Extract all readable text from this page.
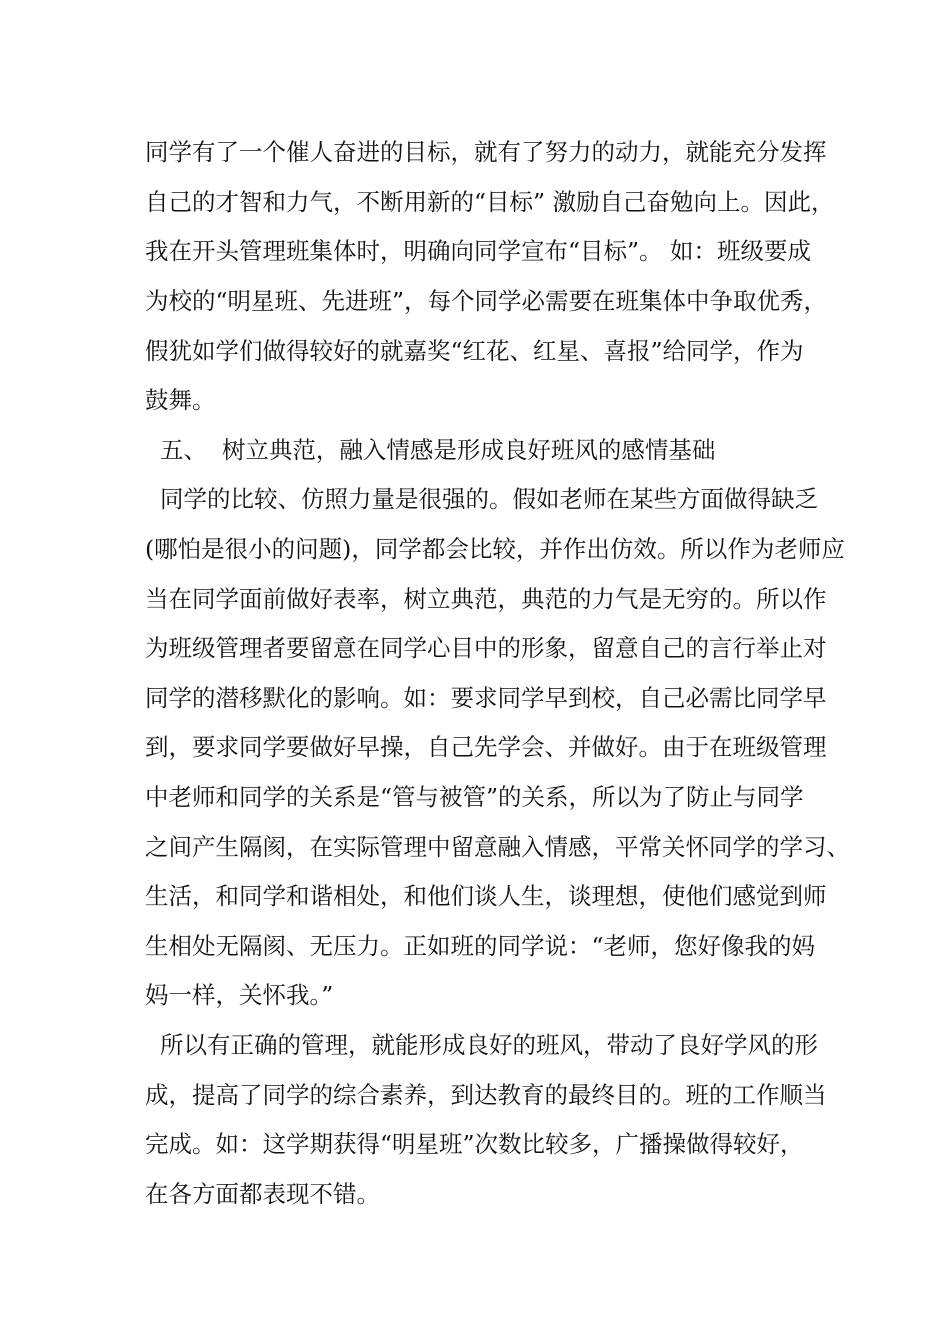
同学有了一个催人奋进的目标，就有了努力的动力，就能充分发挥
自己的才智和力气，不断用新的“目标” 激励自己奋勉向上。因此，
我在开头管理班集体时，明确向同学宣布“目标”。 如：班级要成
为校的“明星班、先进班”，每个同学必需要在班集体中争取优秀，
假犹如学们做得较好的就嘉奖“红花、红星、喜报”给同学，作为
鼓舞。
五、  树立典范，融入情感是形成良好班风的感情基础
同学的比较、仿照力量是很强的。假如老师在某些方面做得缺乏
(哪怕是很小的问题)，同学都会比较，并作出仿效。所以作为老师应
当在同学面前做好表率，树立典范，典范的力气是无穷的。所以作
为班级管理者要留意在同学心目中的形象，留意自己的言行举止对
同学的潜移默化的影响。如：要求同学早到校，自己必需比同学早
到，要求同学要做好早操，自己先学会、并做好。由于在班级管理
中老师和同学的关系是“管与被管”的关系，所以为了防止与同学
之间产生隔阂，在实际管理中留意融入情感，平常关怀同学的学习、
生活，和同学和谐相处，和他们谈人生，谈理想，使他们感觉到师
生相处无隔阂、无压力。正如班的同学说：“老师，您好像我的妈
妈一样，关怀我。”
所以有正确的管理，就能形成良好的班风，带动了良好学风的形
成，提高了同学的综合素养，到达教育的最终目的。班的工作顺当
完成。如：这学期获得“明星班”次数比较多，广播操做得较好，
在各方面都表现不错。
